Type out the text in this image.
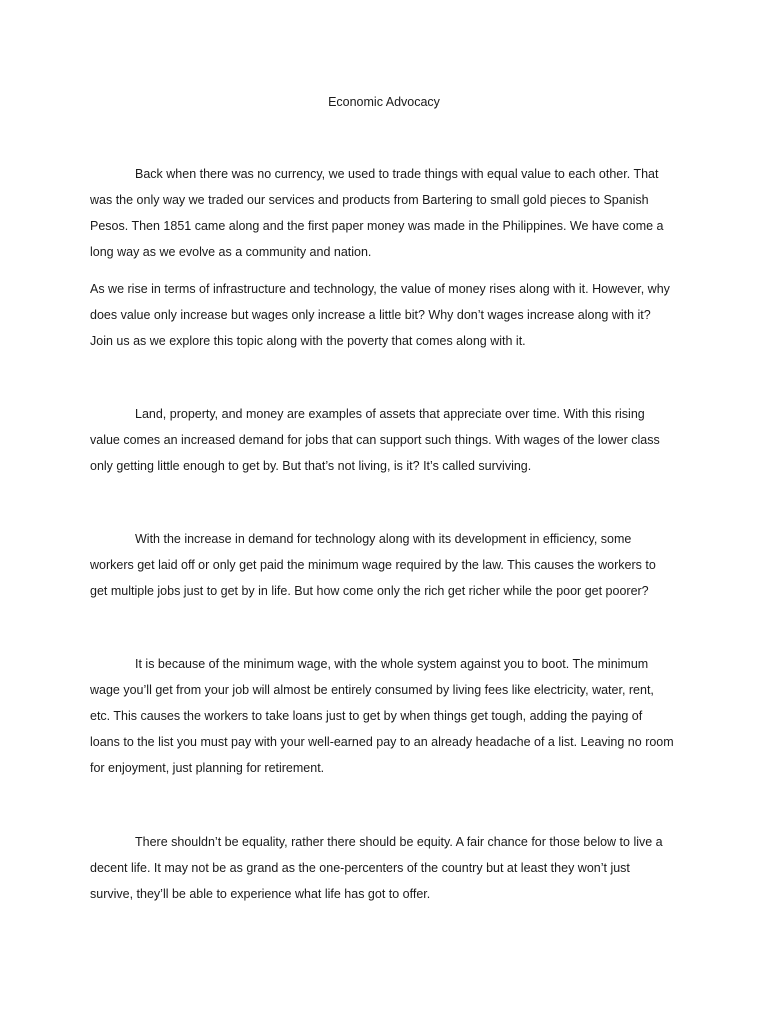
Economic Advocacy

Back when there was no currency, we used to trade things with equal value to each other. That was the only way we traded our services and products from Bartering to small gold pieces to Spanish Pesos. Then 1851 came along and the first paper money was made in the Philippines. We have come a long way as we evolve as a community and nation.

As we rise in terms of infrastructure and technology, the value of money rises along with it. However, why does value only increase but wages only increase a little bit? Why don’t wages increase along with it? Join us as we explore this topic along with the poverty that comes along with it.

Land, property, and money are examples of assets that appreciate over time. With this rising value comes an increased demand for jobs that can support such things. With wages of the lower class only getting little enough to get by. But that’s not living, is it? It’s called surviving.

With the increase in demand for technology along with its development in efficiency, some workers get laid off or only get paid the minimum wage required by the law. This causes the workers to get multiple jobs just to get by in life. But how come only the rich get richer while the poor get poorer?

It is because of the minimum wage, with the whole system against you to boot. The minimum wage you’ll get from your job will almost be entirely consumed by living fees like electricity, water, rent, etc. This causes the workers to take loans just to get by when things get tough, adding the paying of loans to the list you must pay with your well-earned pay to an already headache of a list. Leaving no room for enjoyment, just planning for retirement.

There shouldn’t be equality, rather there should be equity. A fair chance for those below to live a decent life. It may not be as grand as the one-percenters of the country but at least they won’t just survive, they’ll be able to experience what life has got to offer.
